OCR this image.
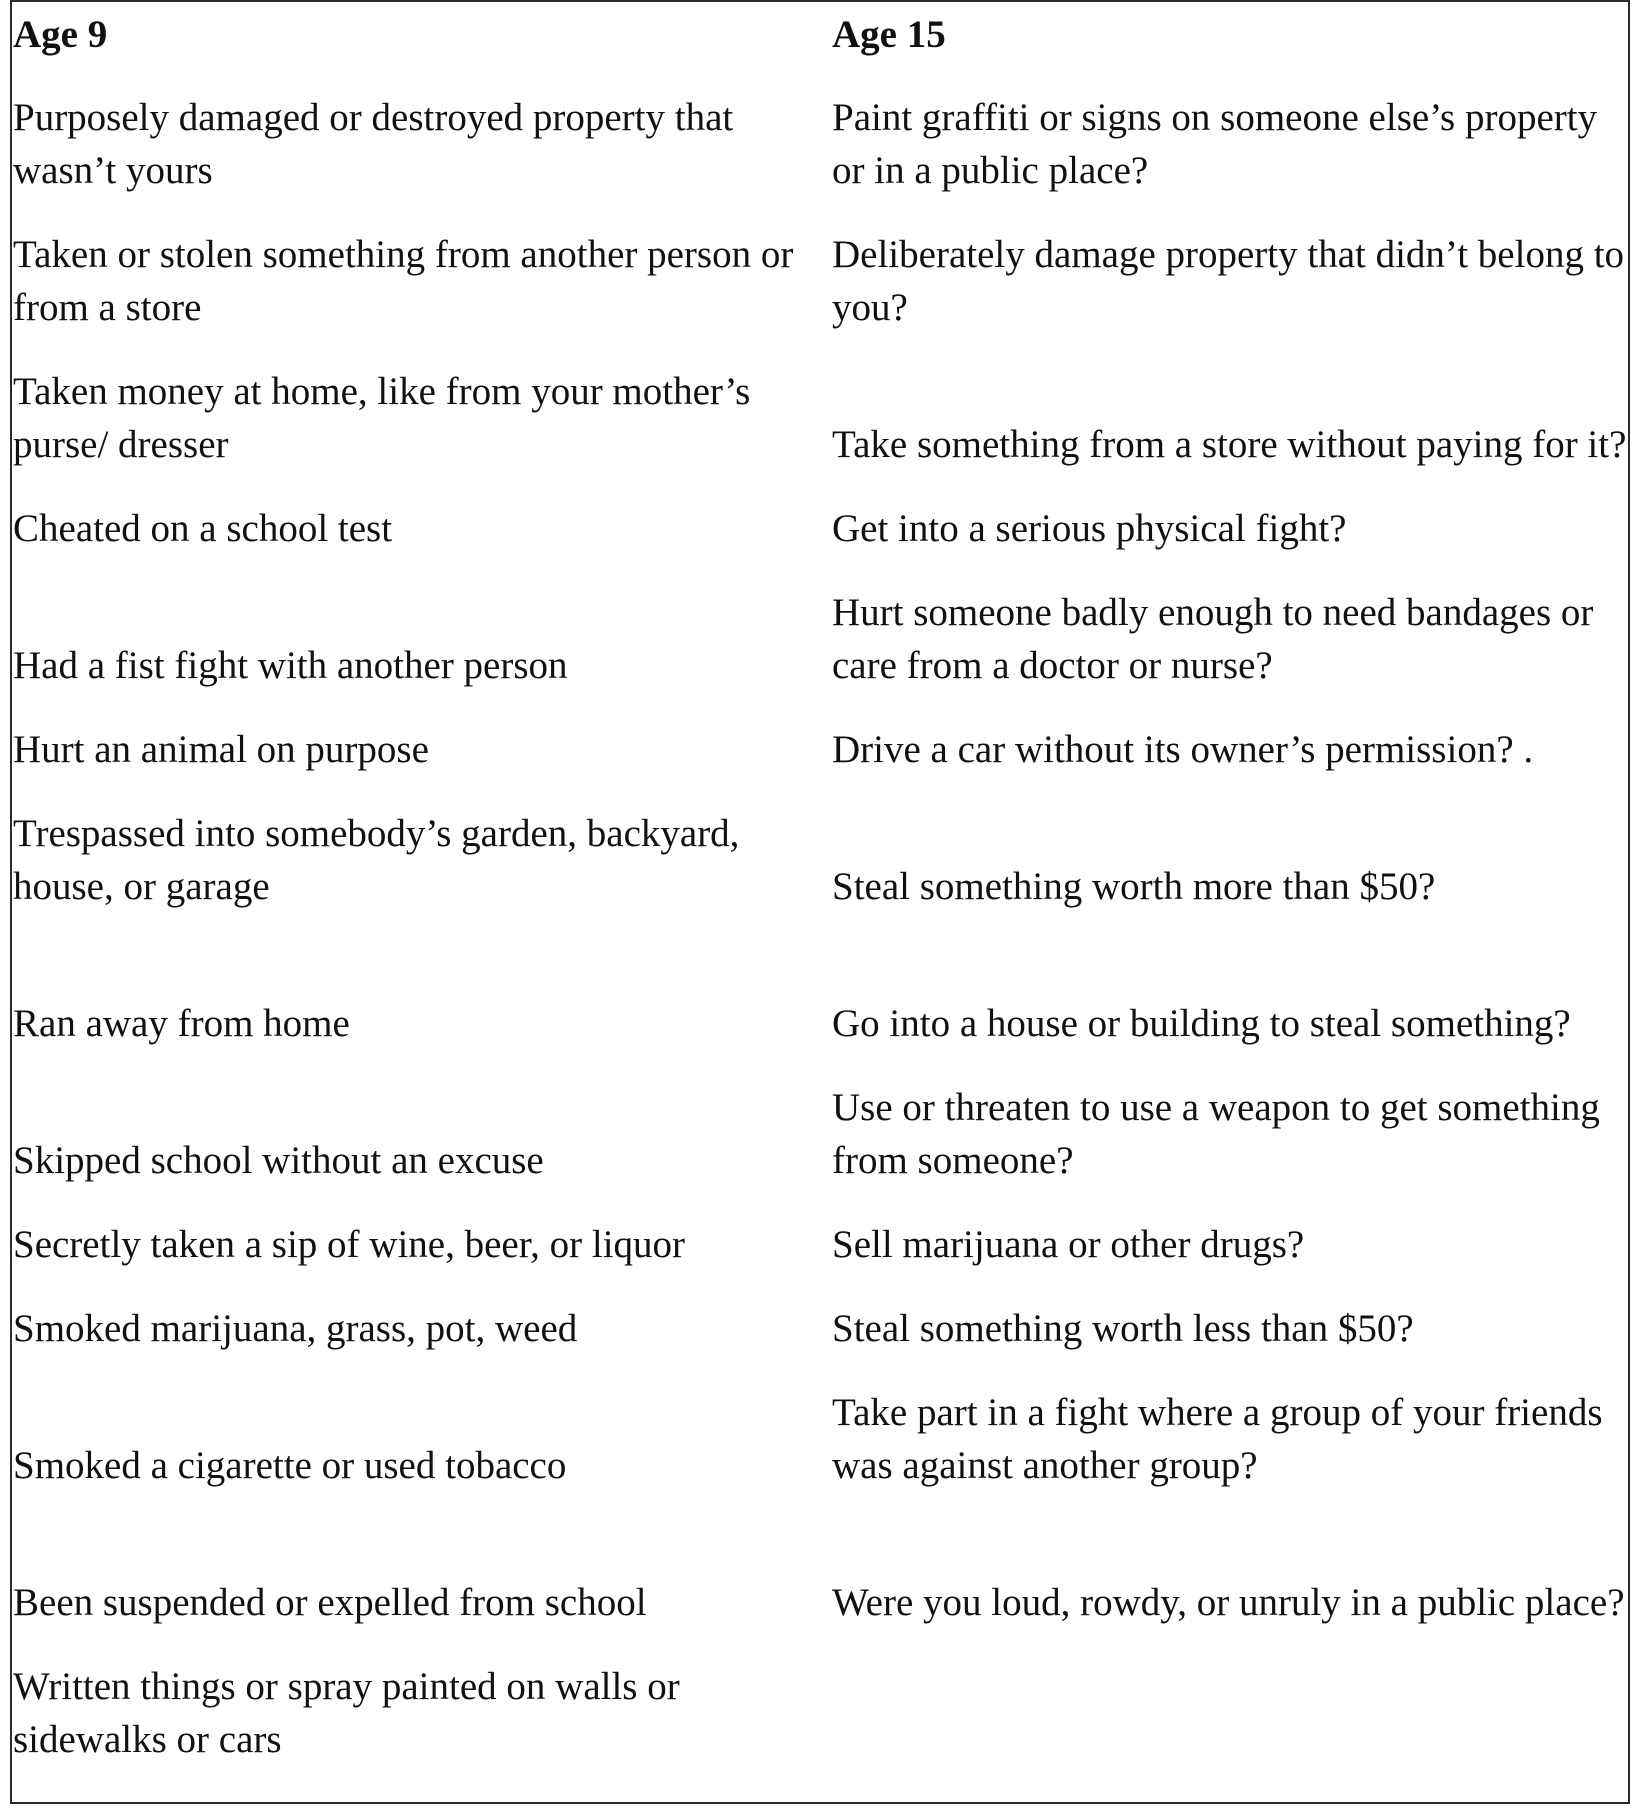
Age 9
Purposely damaged or destroyed property that wasn’t yours
Taken or stolen something from another person or from a store
Taken money at home, like from your mother’s purse/ dresser
Cheated on a school test
Had a fist fight with another person
Hurt an animal on purpose
Trespassed into somebody’s garden, backyard, house, or garage
Ran away from home
Skipped school without an excuse
Secretly taken a sip of wine, beer, or liquor
Smoked marijuana, grass, pot, weed
Smoked a cigarette or used tobacco
Been suspended or expelled from school
Written things or spray painted on walls or sidewalks or cars
Age 15
Paint graffiti or signs on someone else’s property or in a public place?
Deliberately damage property that didn’t belong to you?
Take something from a store without paying for it?
Get into a serious physical fight?
Hurt someone badly enough to need bandages or care from a doctor or nurse?
Drive a car without its owner’s permission? .
Steal something worth more than $50?
Go into a house or building to steal something?
Use or threaten to use a weapon to get something from someone?
Sell marijuana or other drugs?
Steal something worth less than $50?
Take part in a fight where a group of your friends was against another group?
Were you loud, rowdy, or unruly in a public place?
